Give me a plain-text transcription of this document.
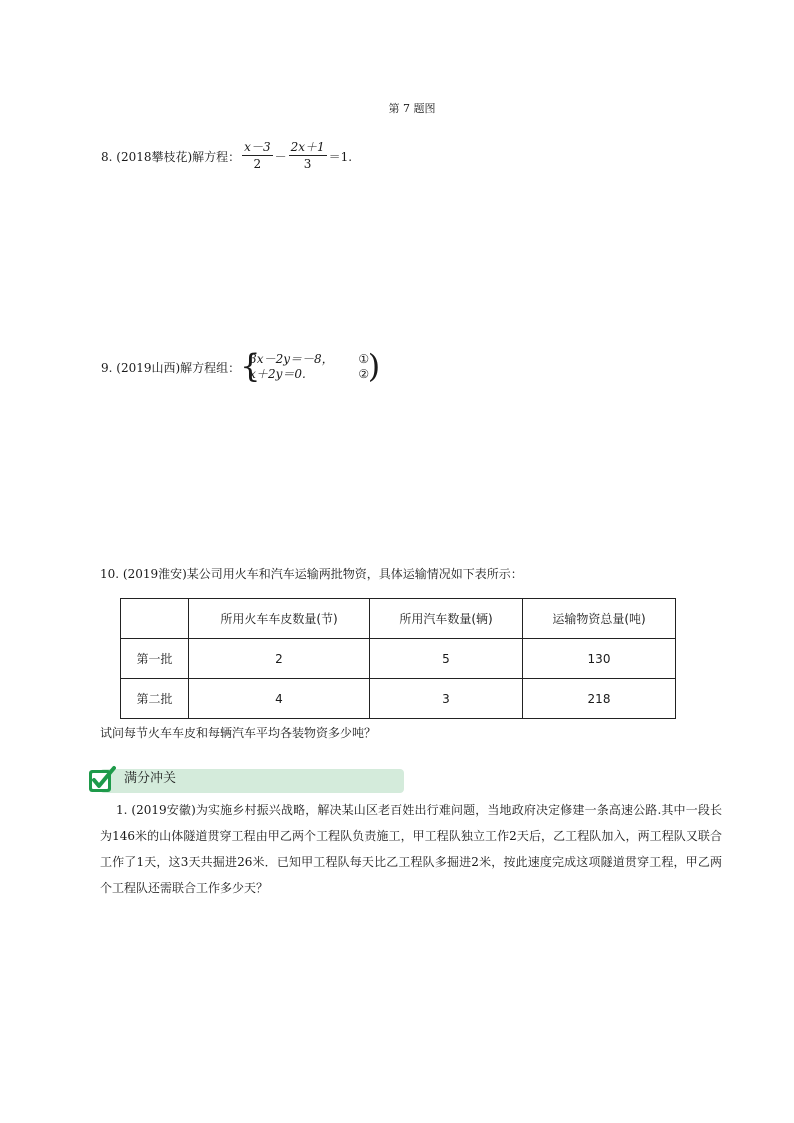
第 7 题图
8. (2018攀枝花)解方程： $\frac{x-3}{2} - \frac{2x+1}{3} =1$.
9. (2019山西)解方程组： {
3x－2y＝－8， ①
x＋2y＝0.	②
)
10. (2019淮安)某公司用火车和汽车运输两批物资，具体运输情况如下表所示：
	所用火车车皮数量(节)	所用汽车数量(辆)	运输物资总量(吨)
第一批	2	5	130
第二批	4	3	218
试问每节火车车皮和每辆汽车平均各装物资多少吨？
满分冲关
1. (2019安徽)为实施乡村振兴战略，解决某山区老百姓出行难问题，当地政府决定修建一条高速公路.其中一段长为146米的山体隧道贯穿工程由甲乙两个工程队负责施工，甲工程队独立工作2天后，乙工程队加入，两工程队又联合工作了1天，这3天共掘进26米．已知甲工程队每天比乙工程队多掘进2米，按此速度完成这项隧道贯穿工程，甲乙两个工程队还需联合工作多少天？
